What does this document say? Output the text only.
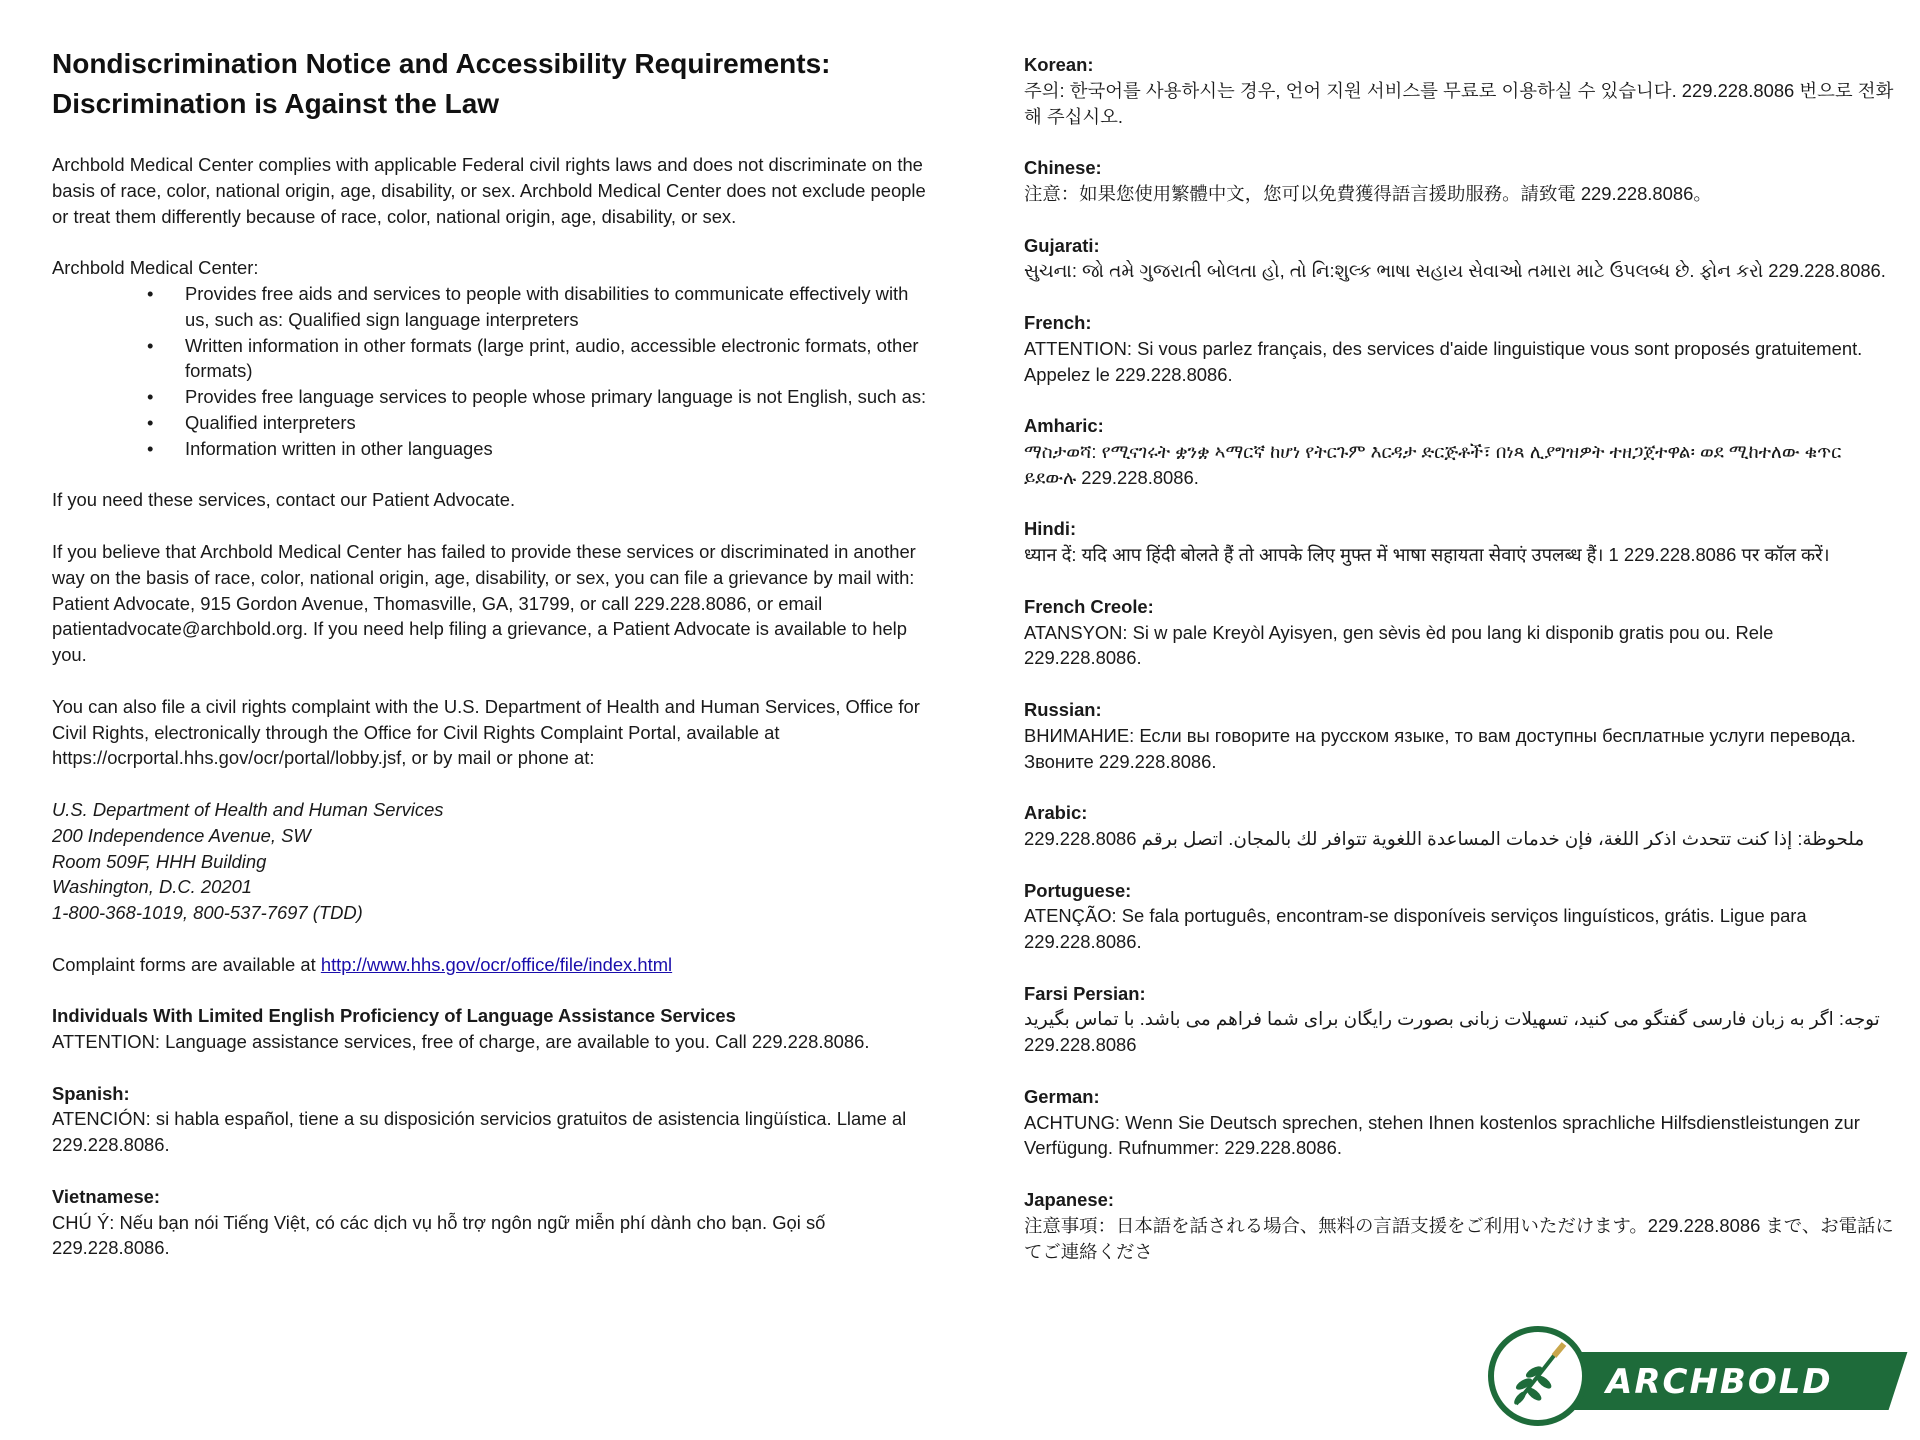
Nondiscrimination Notice and Accessibility Requirements:
Discrimination is Against the Law

Archbold Medical Center complies with applicable Federal civil rights laws and does not discriminate on the basis of race, color, national origin, age, disability, or sex. Archbold Medical Center does not exclude people or treat them differently because of race, color, national origin, age, disability, or sex.

Archbold Medical Center:

• Provides free aids and services to people with disabilities to communicate effectively with us, such as: Qualified sign language interpreters
• Written information in other formats (large print, audio, accessible electronic formats, other formats)
• Provides free language services to people whose primary language is not English, such as:
• Qualified interpreters
• Information written in other languages

If you need these services, contact our Patient Advocate.

If you believe that Archbold Medical Center has failed to provide these services or discriminated in another way on the basis of race, color, national origin, age, disability, or sex, you can file a grievance by mail with: Patient Advocate, 915 Gordon Avenue, Thomasville, GA, 31799, or call 229.228.8086, or email patientadvocate@archbold.org. If you need help filing a grievance, a Patient Advocate is available to help you.

You can also file a civil rights complaint with the U.S. Department of Health and Human Services, Office for Civil Rights, electronically through the Office for Civil Rights Complaint Portal, available at https://ocrportal.hhs.gov/ocr/portal/lobby.jsf, or by mail or phone at:

U.S. Department of Health and Human Services

200 Independence Avenue, SW

Room 509F, HHH Building

Washington, D.C. 20201

1-800-368-1019, 800-537-7697 (TDD)

Complaint forms are available at http://www.hhs.gov/ocr/office/file/index.html

Individuals With Limited English Proficiency of Language Assistance Services

ATTENTION: Language assistance services, free of charge, are available to you. Call 229.228.8086.

Spanish:
ATENCIÓN: si habla español, tiene a su disposición servicios gratuitos de asistencia lingüística. Llame al 229.228.8086.
Vietnamese:
CHÚ Ý: Nếu bạn nói Tiếng Việt, có các dịch vụ hỗ trợ ngôn ngữ miễn phí dành cho bạn. Gọi số 229.228.8086.
Korean:
주의: 한국어를 사용하시는 경우, 언어 지원 서비스를 무료로 이용하실 수 있습니다. 229.228.8086 번으로 전화해 주십시오.
Chinese:
注意：如果您使用繁體中文，您可以免費獲得語言援助服務。請致電 229.228.8086。
Gujarati:
સુચના: જો તમે ગુજરાતી બોલતા હો, તો નિ:શુલ્ક ભાષા સહાય સેવાઓ તમારા માટે ઉપલબ્ધ છે. ફોન કરો 229.228.8086.
French:
ATTENTION: Si vous parlez français, des services d'aide linguistique vous sont proposés gratuitement. Appelez le 229.228.8086.
Amharic:
ማስታወሻ: የሚናገሩት ቋንቋ ኣማርኛ ከሆነ የትርጉም እርዳታ ድርጅቶች፣ በነጻ ሊያግዝዎት ተዘጋጀተዋል፡ ወደ ሚከተለው ቁጥር ይደውሉ 229.228.8086.
Hindi:
ध्यान दें: यदि आप हिंदी बोलते हैं तो आपके लिए मुफ्त में भाषा सहायता सेवाएं उपलब्ध हैं। 1 229.228.8086 पर कॉल करें।
French Creole:
ATANSYON: Si w pale Kreyòl Ayisyen, gen sèvis èd pou lang ki disponib gratis pou ou. Rele 229.228.8086.
Russian:
ВНИМАНИЕ: Если вы говорите на русском языке, то вам доступны бесплатные услуги перевода. Звоните 229.228.8086.
Arabic:
ملحوظة: إذا كنت تتحدث اذكر اللغة، فإن خدمات المساعدة اللغوية تتوافر لك بالمجان. اتصل برقم 229.228.8086
Portuguese:
ATENÇÃO: Se fala português, encontram-se disponíveis serviços linguísticos, grátis. Ligue para 229.228.8086.
Farsi Persian:
توجه: اگر به زبان فارسی گفتگو می کنید، تسهیلات زبانی بصورت رایگان برای شما فراهم می باشد. با تماس بگیرید 229.228.8086
German:
ACHTUNG: Wenn Sie Deutsch sprechen, stehen Ihnen kostenlos sprachliche Hilfsdienstleistungen zur Verfügung. Rufnummer: 229.228.8086.
Japanese:
注意事項：日本語を話される場合、無料の言語支援をご利用いただけます。229.228.8086 まで、お電話にてご連絡くださ
ARCHBOLD
